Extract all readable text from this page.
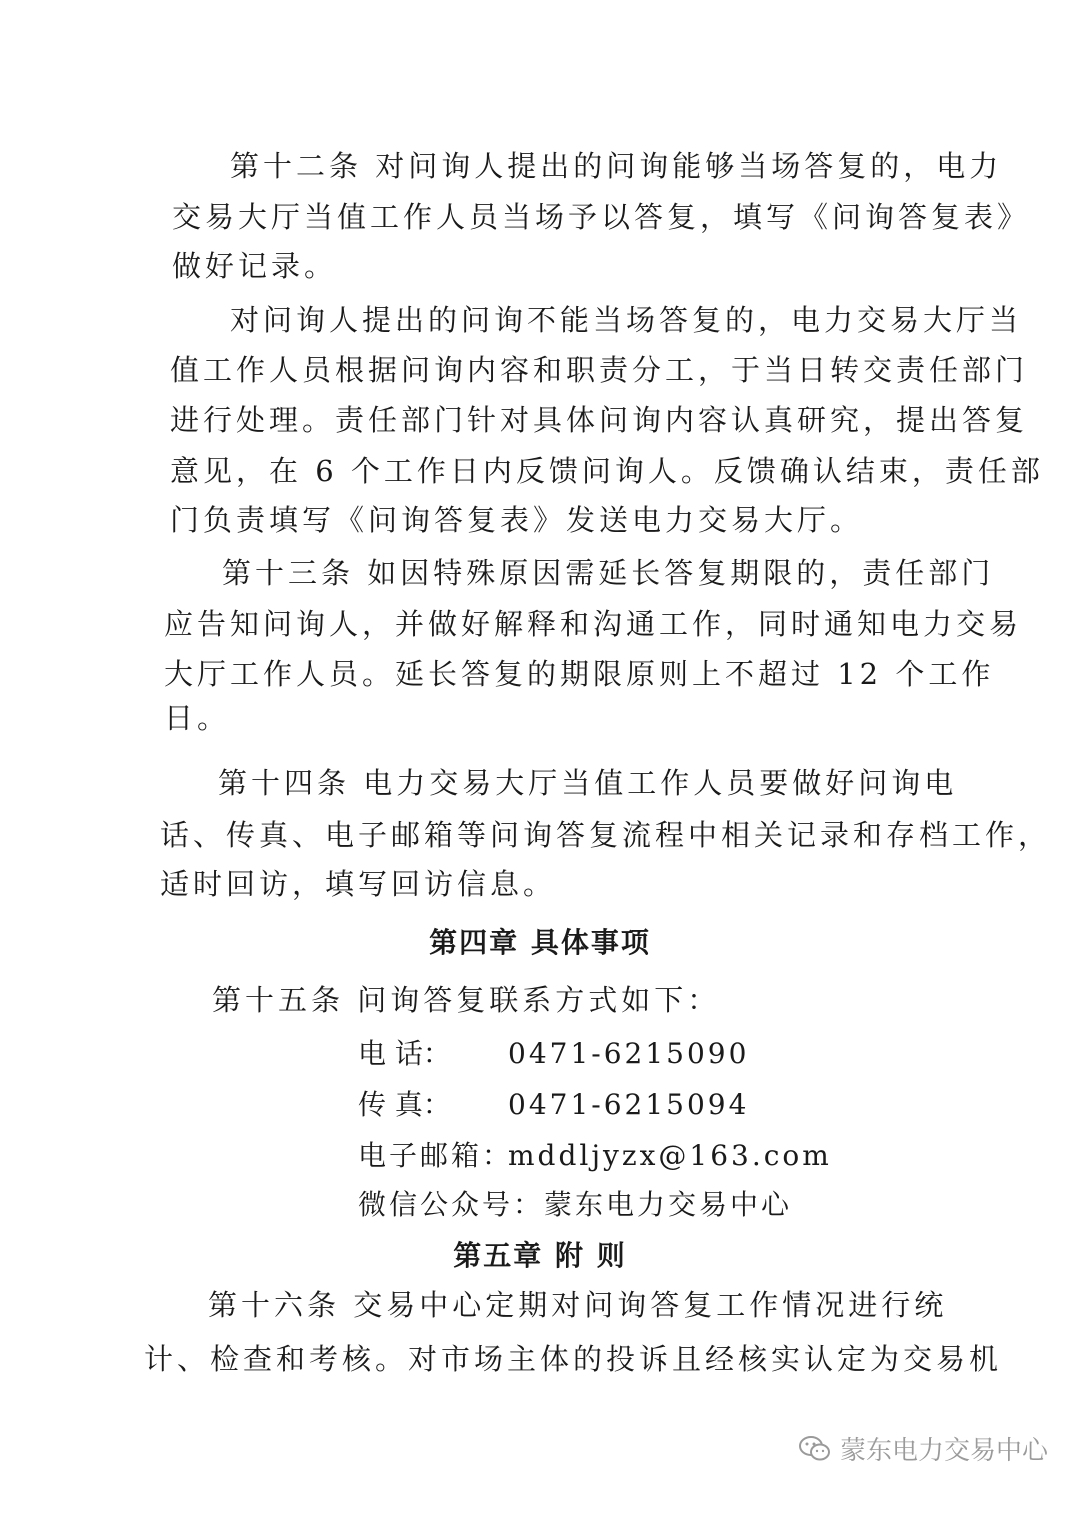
第十二条 对问询人提出的问询能够当场答复的，电力
交易大厅当值工作人员当场予以答复，填写《问询答复表》
做好记录。
对问询人提出的问询不能当场答复的，电力交易大厅当
值工作人员根据问询内容和职责分工，于当日转交责任部门
进行处理。责任部门针对具体问询内容认真研究，提出答复
意见，在 6 个工作日内反馈问询人。反馈确认结束，责任部
门负责填写《问询答复表》发送电力交易大厅。
第十三条 如因特殊原因需延长答复期限的，责任部门
应告知问询人，并做好解释和沟通工作，同时通知电力交易
大厅工作人员。延长答复的期限原则上不超过 12 个工作
日。
第十四条 电力交易大厅当值工作人员要做好问询电
话、传真、电子邮箱等问询答复流程中相关记录和存档工作，
适时回访，填写回访信息。
第四章 具体事项
第十五条 问询答复联系方式如下：
电 话： 0471-6215090
传 真： 0471-6215094
电子邮箱：mddljyzx@163.com
微信公众号：蒙东电力交易中心
第五章 附 则
第十六条 交易中心定期对问询答复工作情况进行统
计、检查和考核。对市场主体的投诉且经核实认定为交易机
蒙东电力交易中心
